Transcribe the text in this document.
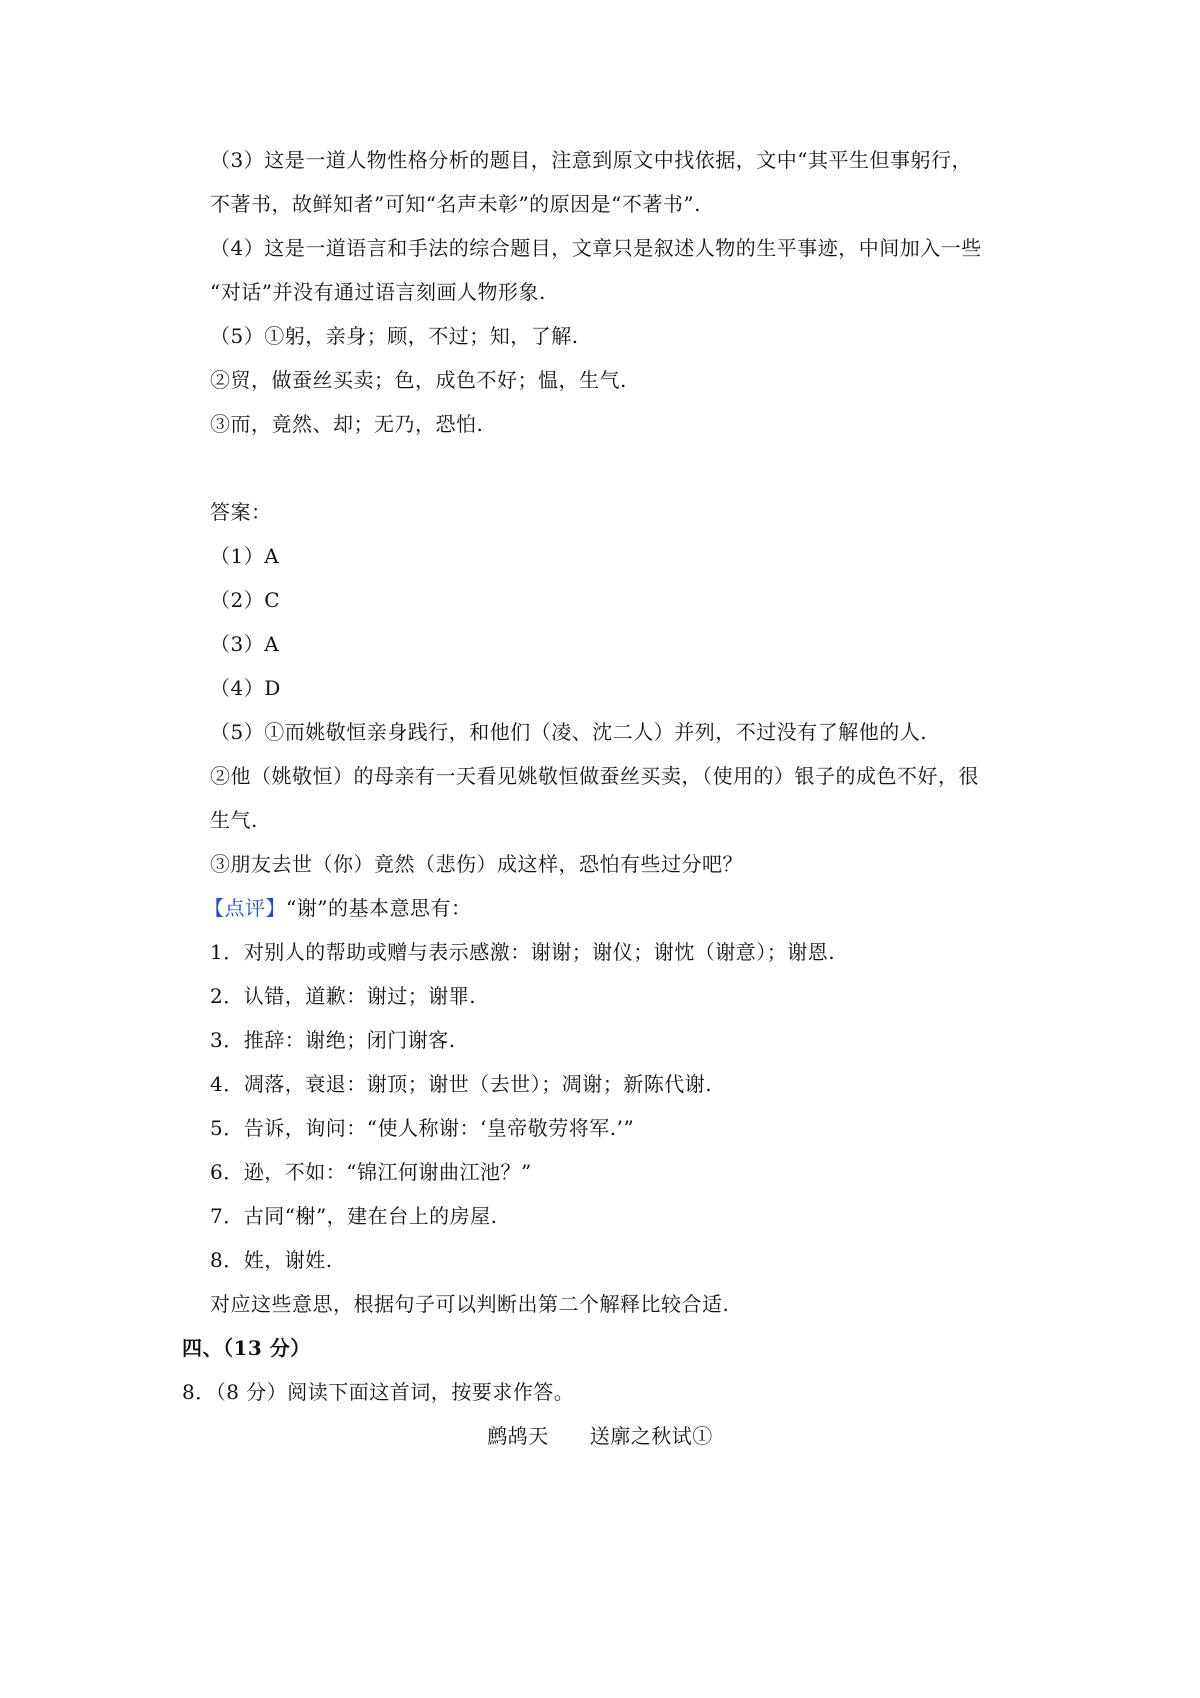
（3）这是一道人物性格分析的题目，注意到原文中找依据，文中“其平生但事躬行，
不著书，故鲜知者”可知“名声未彰”的原因是“不著书”.
（4）这是一道语言和手法的综合题目，文章只是叙述人物的生平事迹，中间加入一些
“对话”并没有通过语言刻画人物形象.
（5）①躬，亲身；顾，不过；知，了解.
②贸，做蚕丝买卖；色，成色不好；愠，生气.
③而，竟然、却；无乃，恐怕.
答案：
（1）A
（2）C
（3）A
（4）D
（5）①而姚敬恒亲身践行，和他们（凌、沈二人）并列，不过没有了解他的人.
②他（姚敬恒）的母亲有一天看见姚敬恒做蚕丝买卖，（使用的）银子的成色不好，很
生气.
③朋友去世（你）竟然（悲伤）成这样，恐怕有些过分吧？
【点评】“谢”的基本意思有：
1．对别人的帮助或赠与表示感激：谢谢；谢仪；谢忱（谢意）；谢恩.
2．认错，道歉：谢过；谢罪.
3．推辞：谢绝；闭门谢客.
4．凋落，衰退：谢顶；谢世（去世）；凋谢；新陈代谢.
5．告诉，询问：“使人称谢：‘皇帝敬劳将军.’”
6．逊，不如：“锦江何谢曲江池？”
7．古同“榭”，建在台上的房屋.
8．姓，谢姓.
对应这些意思，根据句子可以判断出第二个解释比较合适.
四、（13 分）
8．（8 分）阅读下面这首词，按要求作答。
鹧鸪天　　送廓之秋试①
